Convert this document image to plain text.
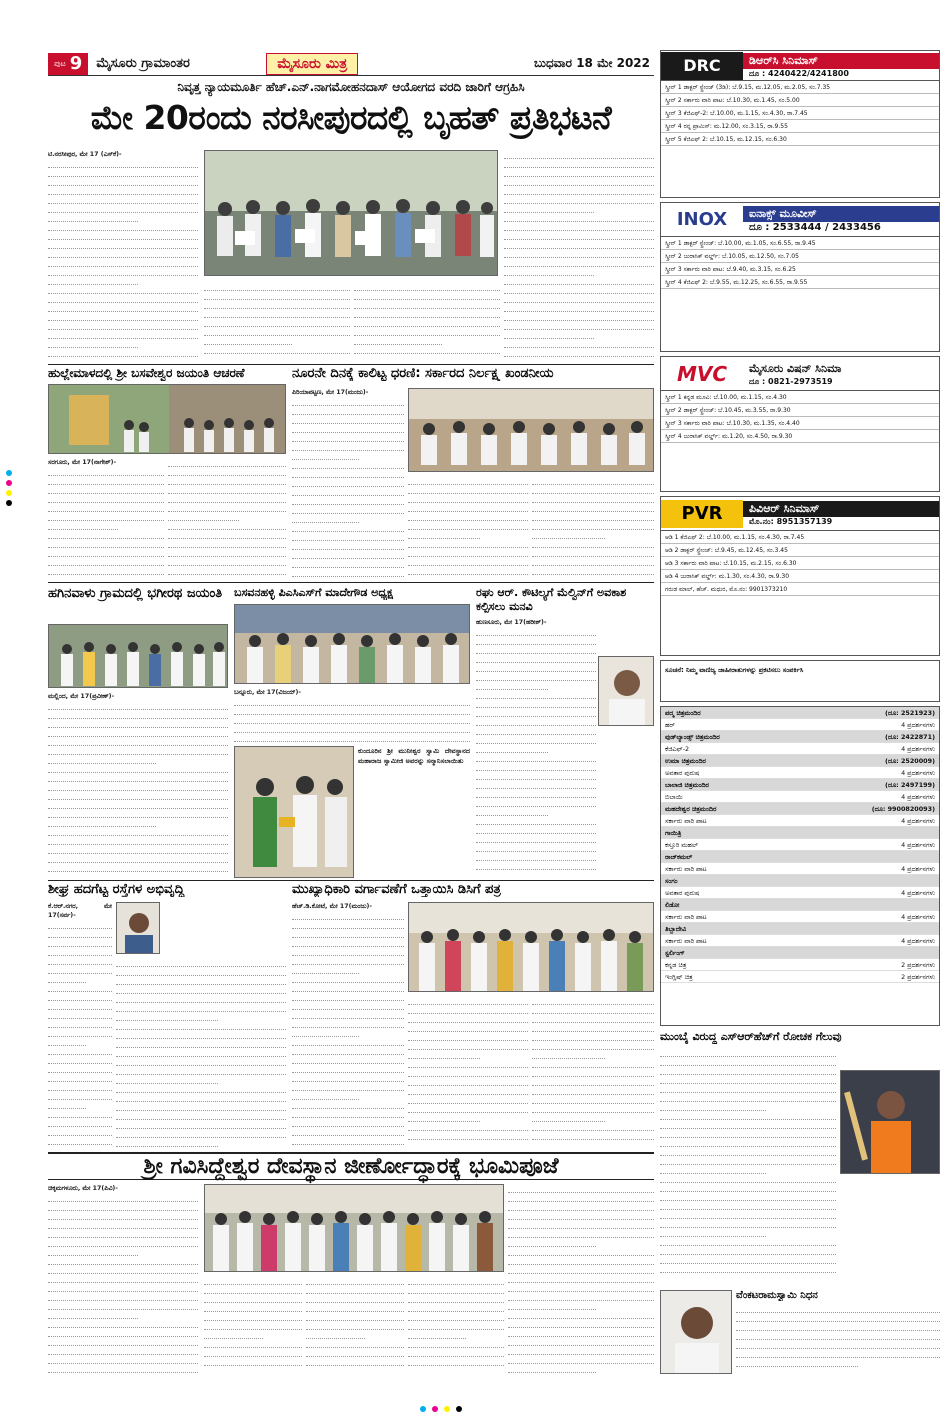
ಪುಟ 9 ಮೈಸೂರು ಗ್ರಾಮಾಂತರ	ಮೈಸೂರು ಮಿತ್ರ	ಬುಧವಾರ 18 ಮೇ 2022
ನಿವೃತ್ತ ನ್ಯಾಯಮೂರ್ತಿ ಹೆಚ್.ಎನ್.ನಾಗಮೋಹನದಾಸ್ ಆಯೋಗದ ವರದಿ ಜಾರಿಗೆ ಆಗ್ರಹಿಸಿ
ಮೇ 20ರಂದು ನರಸೀಪುರದಲ್ಲಿ ಬೃಹತ್ ಪ್ರತಿಭಟನೆ
ಟಿ.ನರಸೀಪುರ, ಮೇ 17 (ಎಸ್‌ಕೆ)-
ಹುಲ್ಲೇಮಾಳದಲ್ಲಿ ಶ್ರೀ ಬಸವೇಶ್ವರ ಜಯಂತಿ ಆಚರಣೆ
ಸರಗೂರು, ಮೇ 17(ನಾಗೇಶ್)-
ನೂರನೇ ದಿನಕ್ಕೆ ಕಾಲಿಟ್ಟ ಧರಣಿ: ಸರ್ಕಾರದ ನಿರ್ಲಕ್ಷ್ಯ ಖಂಡನೀಯ
ಪಿರಿಯಾಪಟ್ಟಣ, ಮೇ 17(ಮಂಜು)-
ಹಗಿನವಾಳು ಗ್ರಾಮದಲ್ಲಿ ಭಗೀರಥ ಜಯಂತಿ
ಮಲ್ಲಿಂದ, ಮೇ 17(ಪ್ರವೀಣ್)-
ಬಸವನಹಳ್ಳಿ ಪಿಎಸಿಎಸ್‌ಗೆ ಮಾದೇಗೌಡ ಅಧ್ಯಕ್ಷ
ಬನ್ನೂರು, ಮೇ 17(ವಿಜಯ್)-
ಕುಂದೂರಿನ ಶ್ರೀ ಮುನೀಶ್ವರ ಸ್ವಾಮಿ ದೇವಸ್ಥಾನದ ಮಹಾರಾಜ ಸ್ವಾಮೀಜಿ ಅವರನ್ನು ಸನ್ಮಾನಿಸಲಾಯಿತು
ರಘು ಆರ್. ಕೌಟಿಲ್ಯಗೆ ಮೆಲ್ವಿನ್‌ಗೆ ಅವಕಾಶ ಕಲ್ಪಿಸಲು ಮನವಿ
ಹುಣಸೂರು, ಮೇ 17(ಹರೀಶ್)-
ಶೀಘ್ರ ಹದಗೆಟ್ಟ ರಸ್ತೆಗಳ ಅಭಿವೃದ್ಧಿ
ಕೆ.ಆರ್.ನಗರ, ಮೇ 17(ಸರ್ವ)-
ಮುಖ್ಯಾಧಿಕಾರಿ ವರ್ಗಾವಣೆಗೆ ಒತ್ತಾಯಿಸಿ ಡಿಸಿಗೆ ಪತ್ರ
ಹೆಚ್.ಡಿ.ಕೋಟೆ, ಮೇ 17(ಮಂಜು)-
ಶ್ರೀ ಗವಿಸಿದ್ದೇಶ್ವರ ದೇವಸ್ಥಾನ ಜೀರ್ಣೋದ್ಧಾರಕ್ಕೆ ಭೂಮಿಪೂಜೆ
ಚಿಕ್ಕಮಗಳೂರು, ಮೇ 17(ಪಿವಿ)-
DRC	ಡಿಆರ್‌ಸಿ ಸಿನಿಮಾಸ್
ದೂ : 4240422/4241800
ಸ್ಕ್ರೀನ್ 1 ಡಾಕ್ಟರ್ ಸ್ಟ್ರೇಂಜ್ (3ಡಿ): ಬೆ.9.15, ಮ.12.05, ಮ.2.05, ಸಂ.7.35
ಸ್ಕ್ರೀನ್ 2 ಸರ್ಕಾರು ವಾರಿ ಪಾಟ: ಬೆ.10.30, ಮ.1.45, ಸಂ.5.00
ಸ್ಕ್ರೀನ್ 3 ಕೆಜಿಎಫ್-2: ಬೆ.10.00, ಮ.1.15, ಸಂ.4.30, ರಾ.7.45
ಸ್ಕ್ರೀನ್ 4 ರನ್ನ ಪ್ರಾಮಿಸ್: ಮ.12.00, ಸಂ.3.15, ರಾ.9.55
ಸ್ಕ್ರೀನ್ 5 ಕೆಜಿಎಫ್ 2: ಬೆ.10.15, ಮ.12.15, ಸಂ.6.30
INOX	ಐನಾಕ್ಸ್ ಮೂವೀಸ್
ದೂ : 2533444 / 2433456
ಸ್ಕ್ರೀನ್ 1 ಡಾಕ್ಟರ್ ಸ್ಟ್ರೇಂಜ್: ಬೆ.10.00, ಮ.1.05, ಸಂ.6.55, ರಾ.9.45
ಸ್ಕ್ರೀನ್ 2 ಜುರಾಸಿಕ್ ವರ್ಲ್ಡ್: ಬೆ.10.05, ಮ.12.50, ಸಂ.7.05
ಸ್ಕ್ರೀನ್ 3 ಸರ್ಕಾರು ವಾರಿ ಪಾಟ: ಬೆ.9.40, ಮ.3.15, ಸಂ.6.25
ಸ್ಕ್ರೀನ್ 4 ಕೆಜಿಎಫ್ 2: ಬೆ.9.55, ಮ.12.25, ಸಂ.6.55, ರಾ.9.55
MVC	ಮೈಸೂರು ವಿಷನ್ ಸಿನಿಮಾ
ದೂ : 0821-2973519
ಸ್ಕ್ರೀನ್ 1 ಕನ್ನಡ ಮೂವಿ: ಬೆ.10.00, ಮ.1.15, ಸಂ.4.30
ಸ್ಕ್ರೀನ್ 2 ಡಾಕ್ಟರ್ ಸ್ಟ್ರೇಂಜ್: ಬೆ.10.45, ಮ.3.55, ರಾ.9.30
ಸ್ಕ್ರೀನ್ 3 ಸರ್ಕಾರು ವಾರಿ ಪಾಟ: ಬೆ.10.30, ಮ.1.35, ಸಂ.4.40
ಸ್ಕ್ರೀನ್ 4 ಜುರಾಸಿಕ್ ವರ್ಲ್ಡ್: ಮ.1.20, ಸಂ.4.50, ರಾ.9.30
PVR	ಪಿವಿಆರ್ ಸಿನಿಮಾಸ್
ಮೊ.ನಂ: 8951357139
ಆಡಿ 1 ಕೆಜಿಎಫ್ 2: ಬೆ.10.00, ಮ.1.15, ಸಂ.4.30, ರಾ.7.45
ಆಡಿ 2 ಡಾಕ್ಟರ್ ಸ್ಟ್ರೇಂಜ್: ಬೆ.9.45, ಮ.12.45, ಸಂ.3.45
ಆಡಿ 3 ಸರ್ಕಾರು ವಾರಿ ಪಾಟ: ಬೆ.10.15, ಮ.2.15, ಸಂ.6.30
ಆಡಿ 4 ಜುರಾಸಿಕ್ ವರ್ಲ್ಡ್: ಮ.1.30, ಸಂ.4.30, ರಾ.9.30
ಗರುಡ ಮಾಲ್, ಹೆಚ್. ಮಧುರ, ಮೊ.ನಂ: 9901373210
ಸೂಚನೆ: ನಿಮ್ಮ ವಾಣಿಜ್ಯ ಜಾಹೀರಾತುಗಳನ್ನು ಪ್ರಕಟಿಸಲು ಸಂಪರ್ಕಿಸಿ
ಪದ್ಮ ಚಿತ್ರಮಂದಿರ	(ದೂ: 2521923)
ಹರ್	4 ಪ್ರದರ್ಶನಗಳು
ವುಡ್‌ಲ್ಯಾಂಡ್ಸ್ ಚಿತ್ರಮಂದಿರ	(ದೂ: 2422871)
ಕೆಜಿಎಫ್-2	4 ಪ್ರದರ್ಶನಗಳು
ಉಮಾ ಚಿತ್ರಮಂದಿರ	(ದೂ: 2520009)
ಅವತಾರ ಪುರುಷ	4 ಪ್ರದರ್ಶನಗಳು
ಬಾಲಾಜಿ ಚಿತ್ರಮಂದಿರ	(ದೂ: 2497199)
ಬಿಲಾಯಿ	4 ಪ್ರದರ್ಶನಗಳು
ಮಹದೇಶ್ವರ ಚಿತ್ರಮಂದಿರ	(ದೂ: 9900820093)
ಸರ್ಕಾರು ವಾರಿ ಪಾಟ	4 ಪ್ರದರ್ಶನಗಳು
ಗಾಯಿತ್ರಿ
ಕಸ್ತೂರಿ ಮಹಲ್	4 ಪ್ರದರ್ಶನಗಳು
ರಾಜ್‌ಕಮಲ್
ಸರ್ಕಾರು ವಾರಿ ಪಾಟ	4 ಪ್ರದರ್ಶನಗಳು
ಸಂಗಂ
ಅವತಾರ ಪುರುಷ	4 ಪ್ರದರ್ಶನಗಳು
ಲಿಡೋ
ಸರ್ಕಾರು ವಾರಿ ಪಾಟ	4 ಪ್ರದರ್ಶನಗಳು
ತಿಬ್ಬಾದೇವಿ
ಸರ್ಕಾರು ವಾರಿ ಪಾಟ	4 ಪ್ರದರ್ಶನಗಳು
ಸ್ಟರ್ಲಿಂಗ್
ಕನ್ನಡ ಚಿತ್ರ	2 ಪ್ರದರ್ಶನಗಳು
ಇಂಗ್ಲಿಷ್ ಚಿತ್ರ	2 ಪ್ರದರ್ಶನಗಳು
ಮುಂಬೈ ವಿರುದ್ಧ ಎಸ್‌ಆರ್‌ಹೆಚ್‌ಗೆ ರೋಚಕ ಗೆಲುವು
ವೆಂಕಟರಾಮಸ್ವಾಮಿ ನಿಧನ
